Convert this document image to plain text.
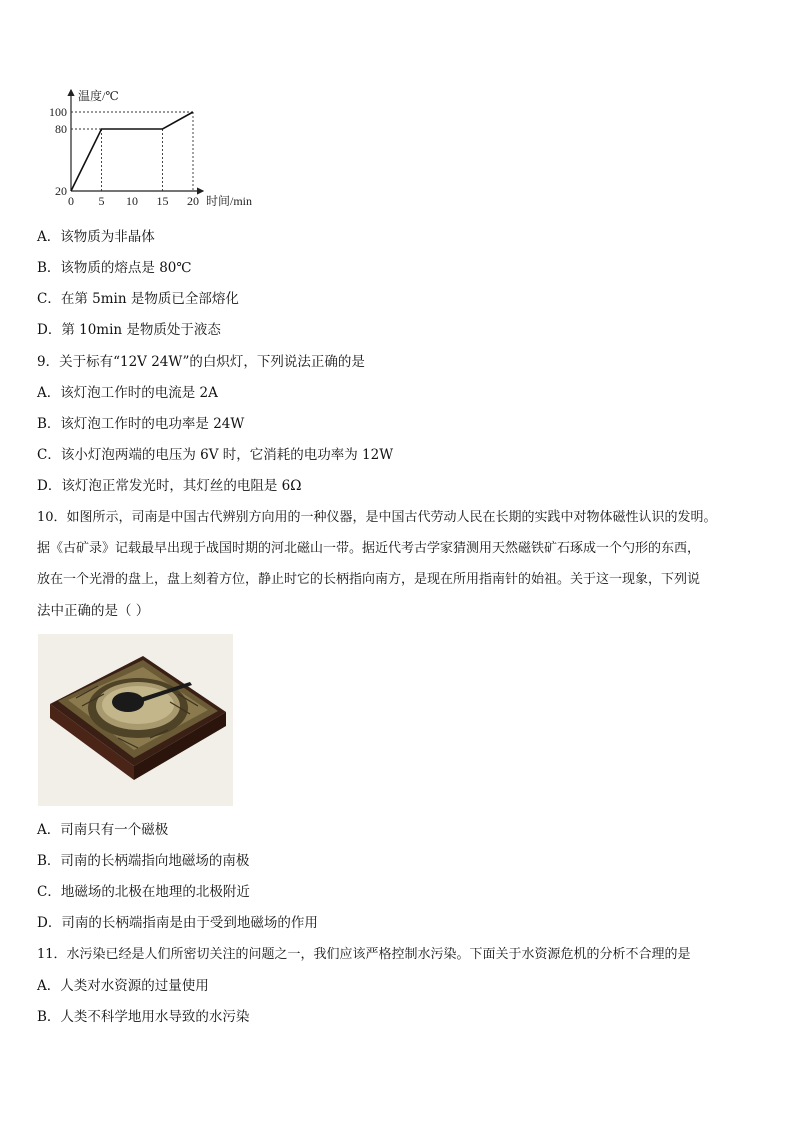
0 5 10 15 20
20
80
100
温度/℃
时间/min
A．该物质为非晶体
B．该物质的熔点是 80℃
C．在第 5min 是物质已全部熔化
D．第 10min 是物质处于液态
9．关于标有“12V 24W”的白炽灯，下列说法正确的是
A．该灯泡工作时的电流是 2A
B．该灯泡工作时的电功率是 24W
C．该小灯泡两端的电压为 6V 时，它消耗的电功率为 12W
D．该灯泡正常发光时，其灯丝的电阻是 6Ω
10．如图所示，司南是中国古代辨别方向用的一种仪器，是中国古代劳动人民在长期的实践中对物体磁性认识的发明。
据《古矿录》记载最早出现于战国时期的河北磁山一带。据近代考古学家猜测用天然磁铁矿石琢成一个勺形的东西，
放在一个光滑的盘上，盘上刻着方位，静止时它的长柄指向南方，是现在所用指南针的始祖。关于这一现象，下列说
法中正确的是（ ）
A．司南只有一个磁极
B．司南的长柄端指向地磁场的南极
C．地磁场的北极在地理的北极附近
D．司南的长柄端指南是由于受到地磁场的作用
11．水污染已经是人们所密切关注的问题之一，我们应该严格控制水污染。下面关于水资源危机的分析不合理的是
A．人类对水资源的过量使用
B．人类不科学地用水导致的水污染
